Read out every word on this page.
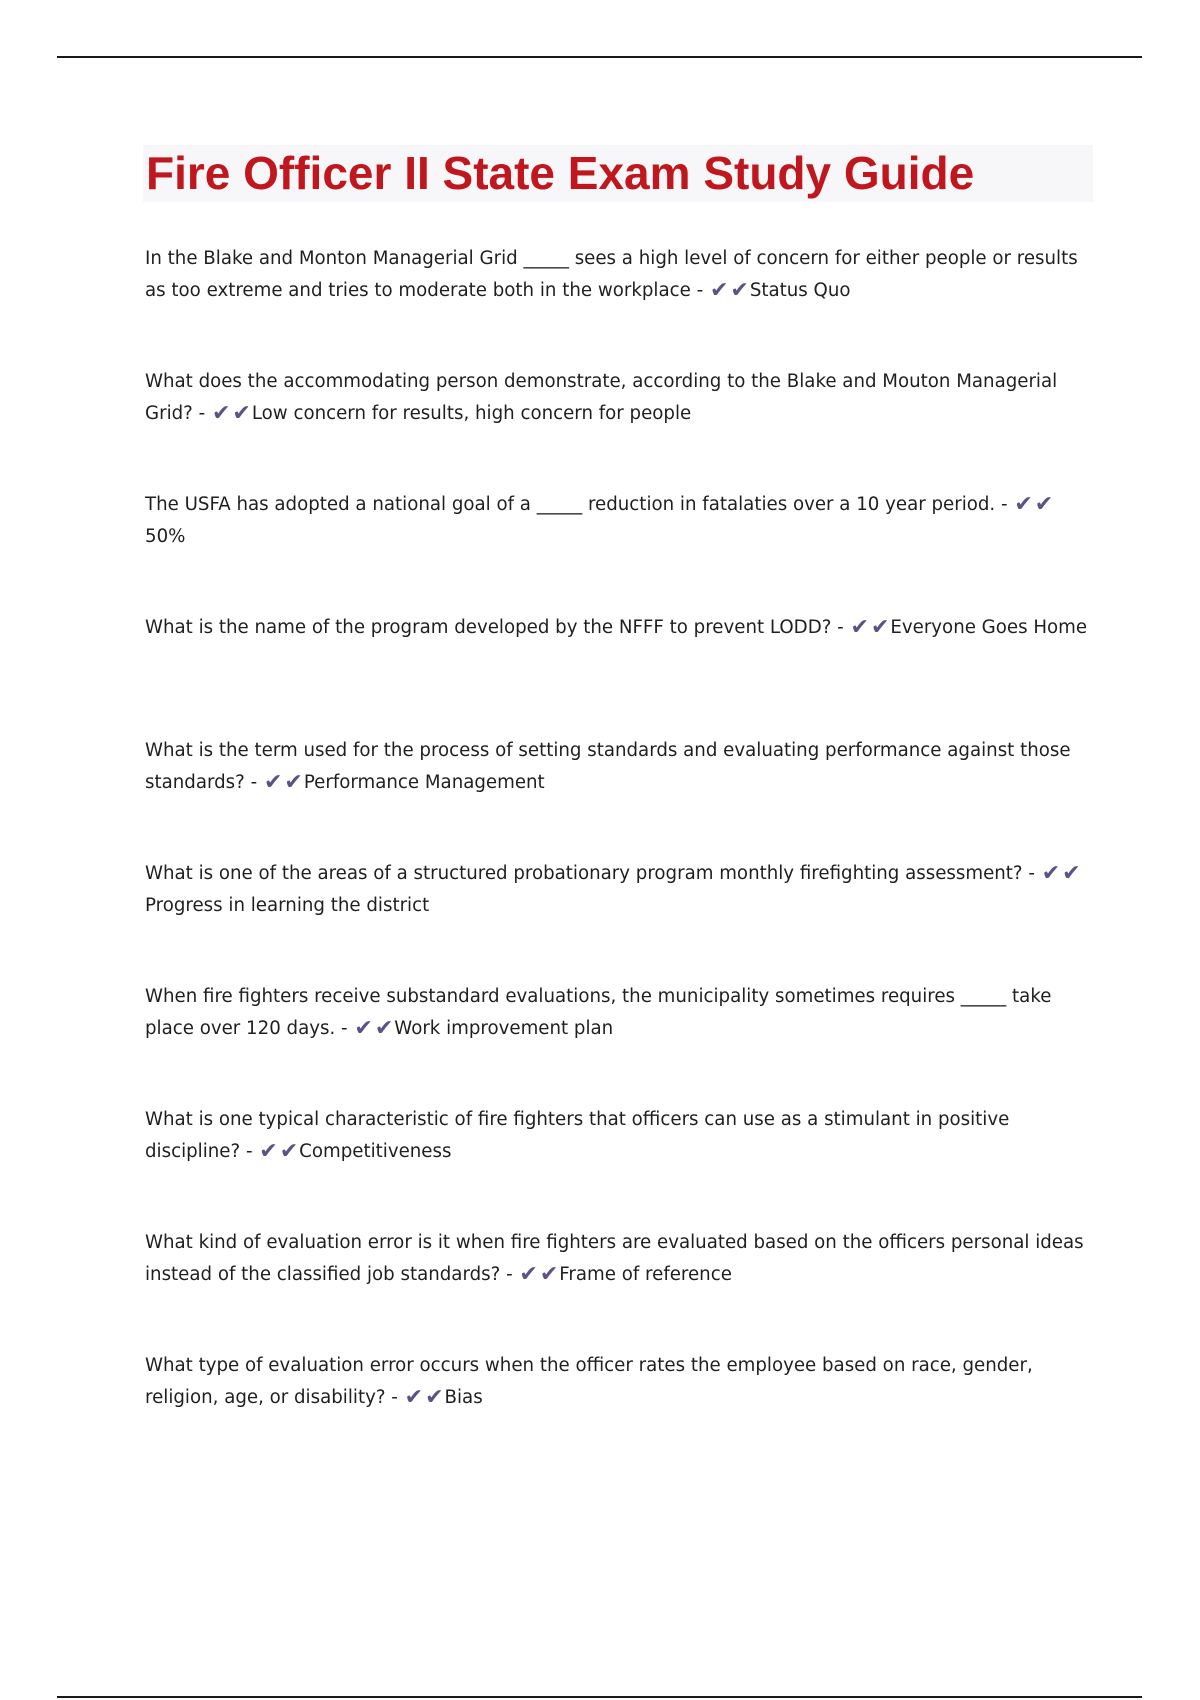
Fire Officer II State Exam Study Guide
In the Blake and Monton Managerial Grid _____ sees a high level of concern for either people or results as too extreme and tries to moderate both in the workplace - ✔✔Status Quo
What does the accommodating person demonstrate, according to the Blake and Mouton Managerial Grid? - ✔✔Low concern for results, high concern for people
The USFA has adopted a national goal of a _____ reduction in fatalaties over a 10 year period. - ✔✔50%
What is the name of the program developed by the NFFF to prevent LODD? - ✔✔Everyone Goes Home
What is the term used for the process of setting standards and evaluating performance against those standards? - ✔✔Performance Management
What is one of the areas of a structured probationary program monthly firefighting assessment? - ✔✔Progress in learning the district
When fire fighters receive substandard evaluations, the municipality sometimes requires _____ take place over 120 days. - ✔✔Work improvement plan
What is one typical characteristic of fire fighters that officers can use as a stimulant in positive discipline? - ✔✔Competitiveness
What kind of evaluation error is it when fire fighters are evaluated based on the officers personal ideas instead of the classified job standards? - ✔✔Frame of reference
What type of evaluation error occurs when the officer rates the employee based on race, gender, religion, age, or disability? - ✔✔Bias
